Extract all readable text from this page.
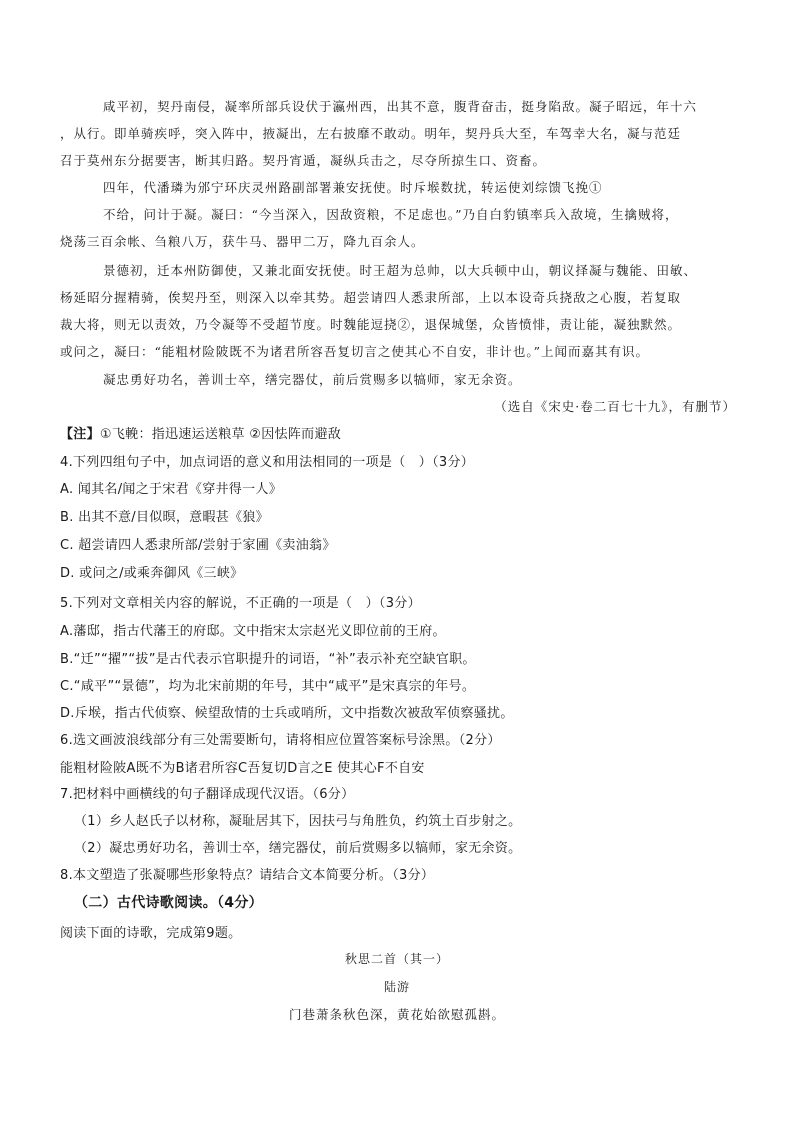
咸平初，契丹南侵，凝率所部兵设伏于瀛州西，出其不意，腹背奋击，挺身陷敌。凝子昭远，年十六
，从行。即单骑疾呼，突入阵中，掖凝出，左右披靡不敢动。明年，契丹兵大至，车驾幸大名，凝与范廷
召于莫州东分据要害，断其归路。契丹宵遁，凝纵兵击之，尽夺所掠生口、资畜。
四年，代潘璘为邠宁环庆灵州路副部署兼安抚使。时斥堠数扰，转运使刘综馈飞挽①
不给，问计于凝。凝曰：“今当深入，因敌资粮，不足虑也。”乃自白豹镇率兵入敌境，生擒贼将，
烧荡三百余帐、刍粮八万，获牛马、器甲二万，降九百余人。
景德初，迁本州防御使，又兼北面安抚使。时王超为总帅，以大兵顿中山，朝议择凝与魏能、田敏、
杨延昭分握精骑，俟契丹至，则深入以牵其势。超尝请四人悉隶所部，上以本设奇兵挠敌之心腹，若复取
裁大将，则无以责效，乃令凝等不受超节度。时魏能逗挠②，退保城堡，众皆愤悱，责让能，凝独默然。
或问之，凝曰：“能粗材险陂既不为诸君所容吾复切言之使其心不自安，非计也。”上闻而嘉其有识。
凝忠勇好功名，善训士卒，缮完器仗，前后赏赐多以犒师，家无余资。
（选自《宋史·卷二百七十九》，有删节）
【注】①飞輓：指迅速运送粮草 ②因怯阵而避敌
4.下列四组句子中，加点词语的意义和用法相同的一项是（　）（3分）
A. 闻其名/闻之于宋君《穿井得一人》
B. 出其不意/目似暝，意暇甚《狼》
C. 超尝请四人悉隶所部/尝射于家圃《卖油翁》
D. 或问之/或乘奔御风《三峡》
5.下列对文章相关内容的解说，不正确的一项是（　）（3分）
A.藩邸，指古代藩王的府邸。文中指宋太宗赵光义即位前的王府。
B.“迁”“擢”“拔”是古代表示官职提升的词语，“补”表示补充空缺官职。
C.“咸平”“景德”，均为北宋前期的年号，其中“咸平”是宋真宗的年号。
D.斥堠，指古代侦察、候望敌情的士兵或哨所，文中指数次被敌军侦察骚扰。
6.选文画波浪线部分有三处需要断句，请将相应位置答案标号涂黑。（2分）
能粗材险陂A既不为B诸君所容C吾复切D言之E 使其心F不自安
7.把材料中画横线的句子翻译成现代汉语。（6分）
（1）乡人赵氏子以材称，凝耻居其下，因扶弓与角胜负，约筑土百步射之。
（2）凝忠勇好功名，善训士卒，缮完器仗，前后赏赐多以犒师，家无余资。
8.本文塑造了张凝哪些形象特点？请结合文本简要分析。（3分）
（二）古代诗歌阅读。（4分）
阅读下面的诗歌，完成第9题。
秋思二首（其一）
陆游
门巷萧条秋色深，黄花始欲慰孤斟。
